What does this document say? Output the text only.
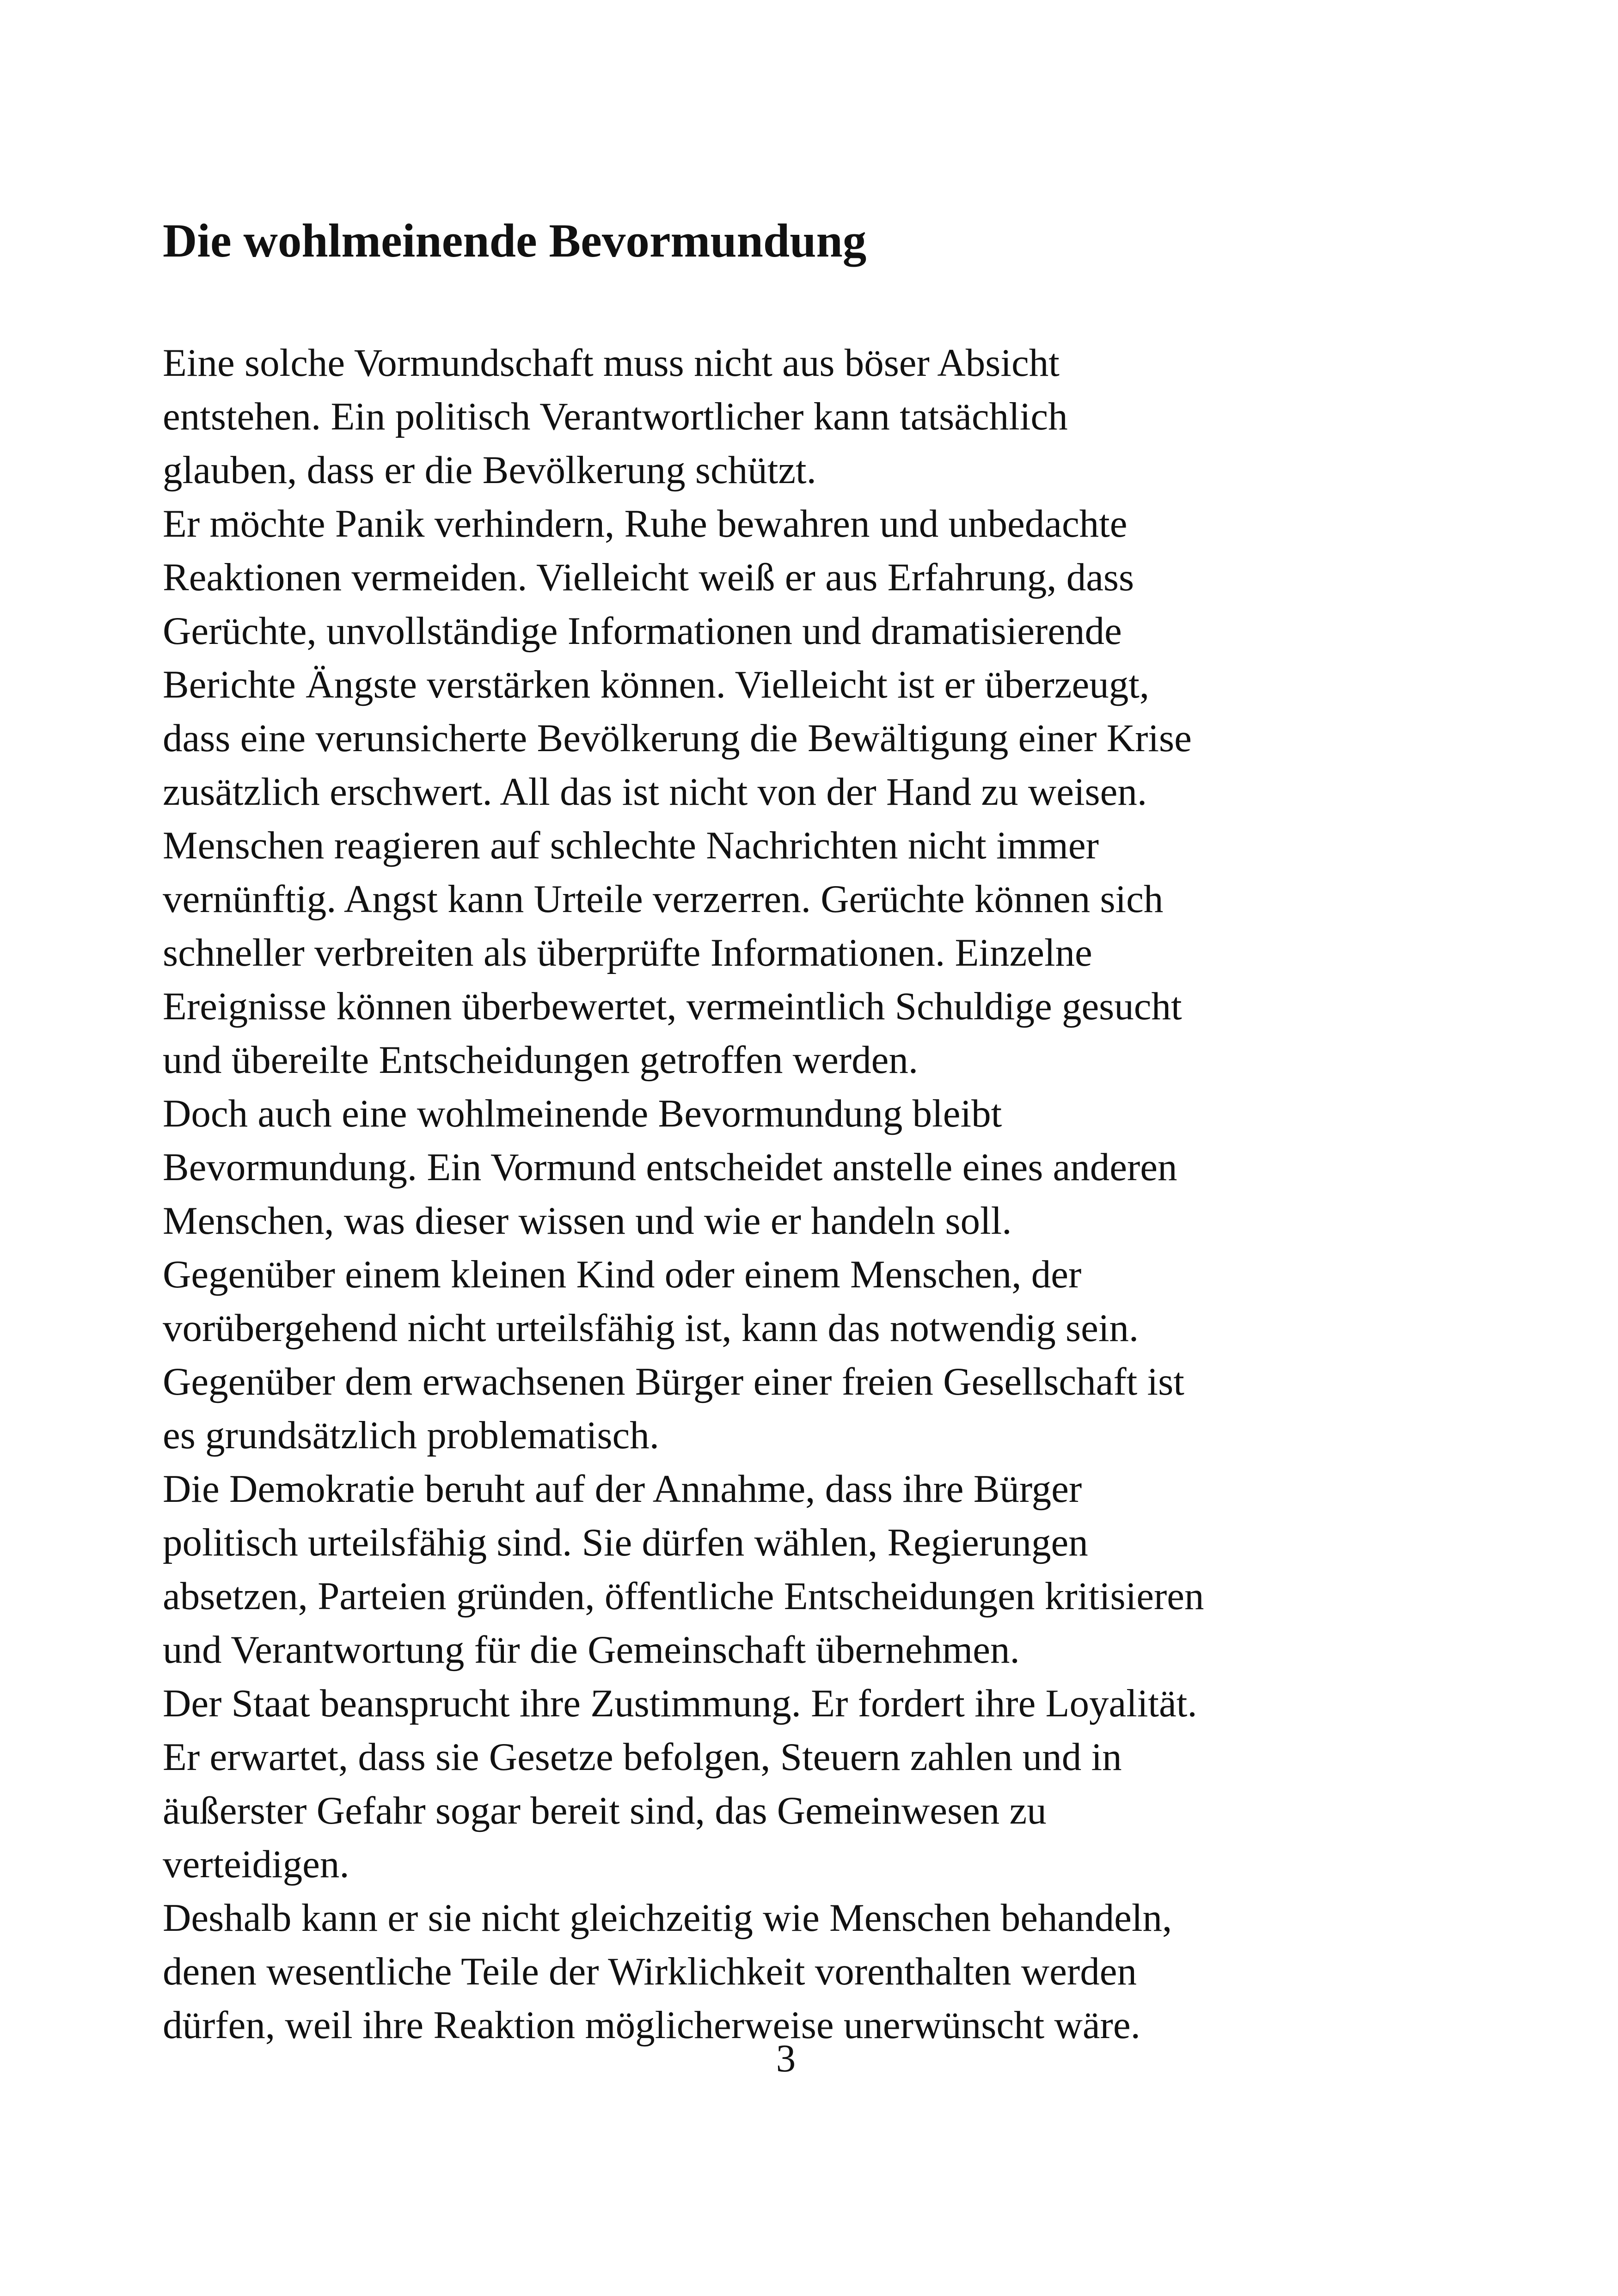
Die wohlmeinende Bevormundung
Eine solche Vormundschaft muss nicht aus böser Absicht
entstehen. Ein politisch Verantwortlicher kann tatsächlich
glauben, dass er die Bevölkerung schützt.
Er möchte Panik verhindern, Ruhe bewahren und unbedachte
Reaktionen vermeiden. Vielleicht weiß er aus Erfahrung, dass
Gerüchte, unvollständige Informationen und dramatisierende
Berichte Ängste verstärken können. Vielleicht ist er überzeugt,
dass eine verunsicherte Bevölkerung die Bewältigung einer Krise
zusätzlich erschwert. All das ist nicht von der Hand zu weisen.
Menschen reagieren auf schlechte Nachrichten nicht immer
vernünftig. Angst kann Urteile verzerren. Gerüchte können sich
schneller verbreiten als überprüfte Informationen. Einzelne
Ereignisse können überbewertet, vermeintlich Schuldige gesucht
und übereilte Entscheidungen getroffen werden.
Doch auch eine wohlmeinende Bevormundung bleibt
Bevormundung. Ein Vormund entscheidet anstelle eines anderen
Menschen, was dieser wissen und wie er handeln soll.
Gegenüber einem kleinen Kind oder einem Menschen, der
vorübergehend nicht urteilsfähig ist, kann das notwendig sein.
Gegenüber dem erwachsenen Bürger einer freien Gesellschaft ist
es grundsätzlich problematisch.
Die Demokratie beruht auf der Annahme, dass ihre Bürger
politisch urteilsfähig sind. Sie dürfen wählen, Regierungen
absetzen, Parteien gründen, öffentliche Entscheidungen kritisieren
und Verantwortung für die Gemeinschaft übernehmen.
Der Staat beansprucht ihre Zustimmung. Er fordert ihre Loyalität.
Er erwartet, dass sie Gesetze befolgen, Steuern zahlen und in
äußerster Gefahr sogar bereit sind, das Gemeinwesen zu
verteidigen.
Deshalb kann er sie nicht gleichzeitig wie Menschen behandeln,
denen wesentliche Teile der Wirklichkeit vorenthalten werden
dürfen, weil ihre Reaktion möglicherweise unerwünscht wäre.
3
